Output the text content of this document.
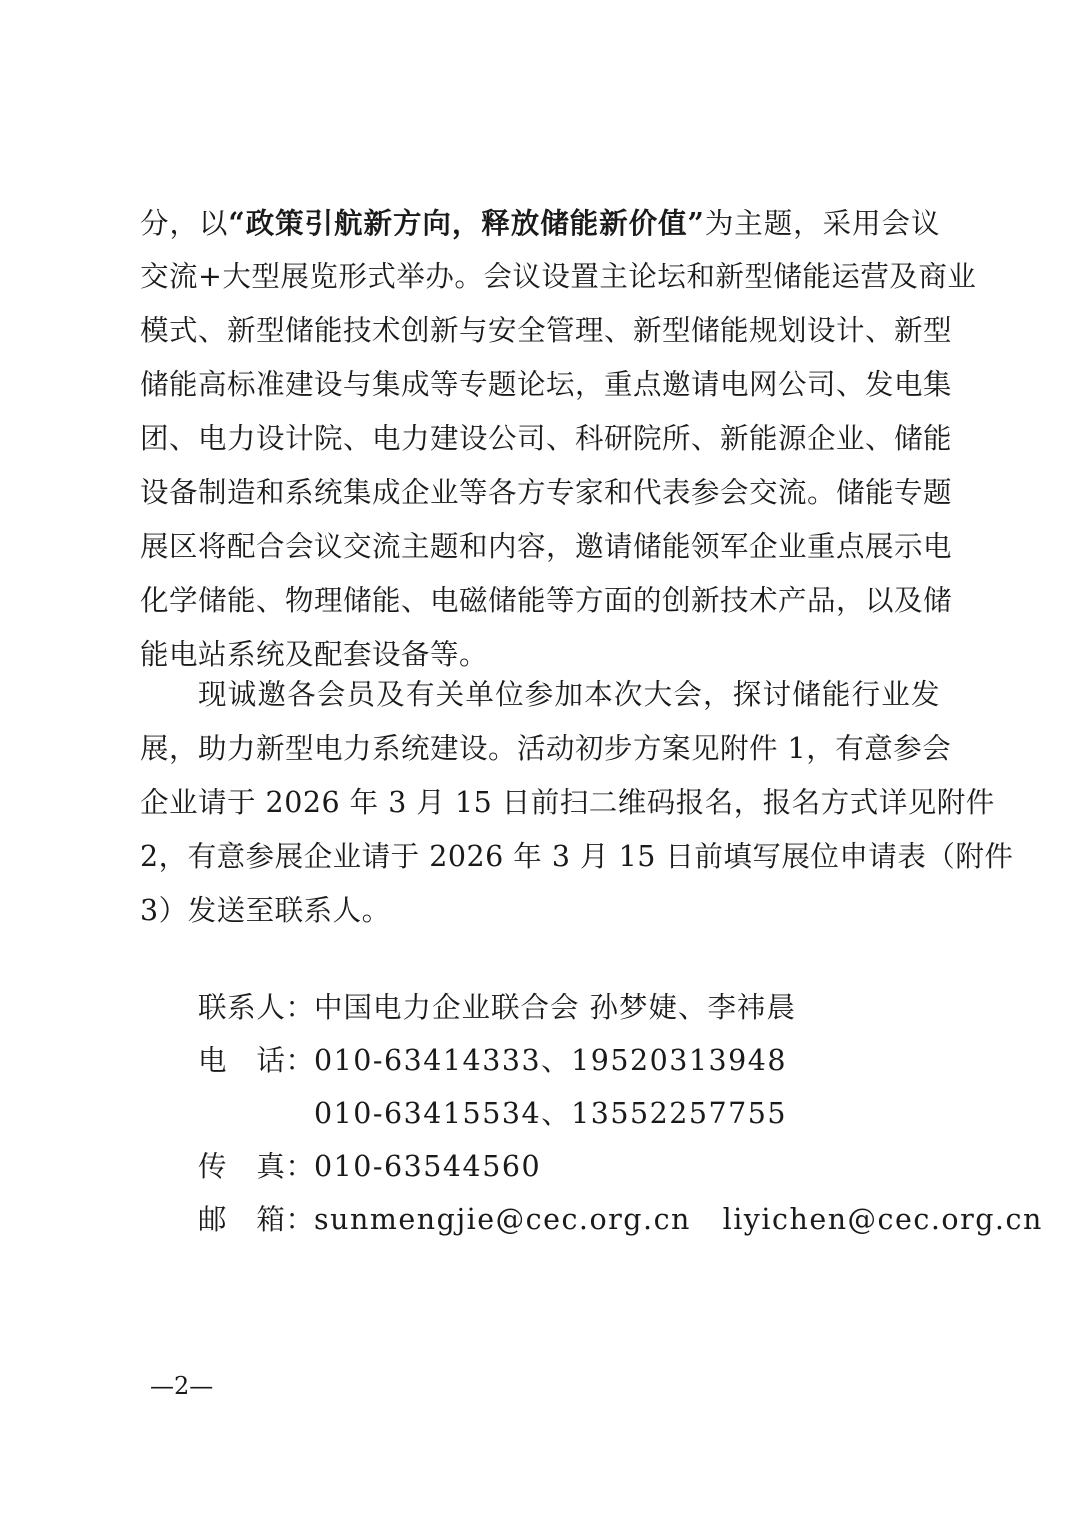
分，以“政策引航新方向，释放储能新价值”为主题，采用会议
交流+大型展览形式举办。会议设置主论坛和新型储能运营及商业
模式、新型储能技术创新与安全管理、新型储能规划设计、新型
储能高标准建设与集成等专题论坛，重点邀请电网公司、发电集
团、电力设计院、电力建设公司、科研院所、新能源企业、储能
设备制造和系统集成企业等各方专家和代表参会交流。储能专题
展区将配合会议交流主题和内容，邀请储能领军企业重点展示电
化学储能、物理储能、电磁储能等方面的创新技术产品，以及储
能电站系统及配套设备等。
现诚邀各会员及有关单位参加本次大会，探讨储能行业发
展，助力新型电力系统建设。活动初步方案见附件 1，有意参会
企业请于 2026 年 3 月 15 日前扫二维码报名，报名方式详见附件
2，有意参展企业请于 2026 年 3 月 15 日前填写展位申请表（附件
3）发送至联系人。
联系人：中国电力企业联合会 孙梦婕、李祎晨
电　话：010-63414333、19520313948
010-63415534、13552257755
传　真：010-63544560
邮　箱：sunmengjie@cec.org.cn   liyichen@cec.org.cn
—2—
